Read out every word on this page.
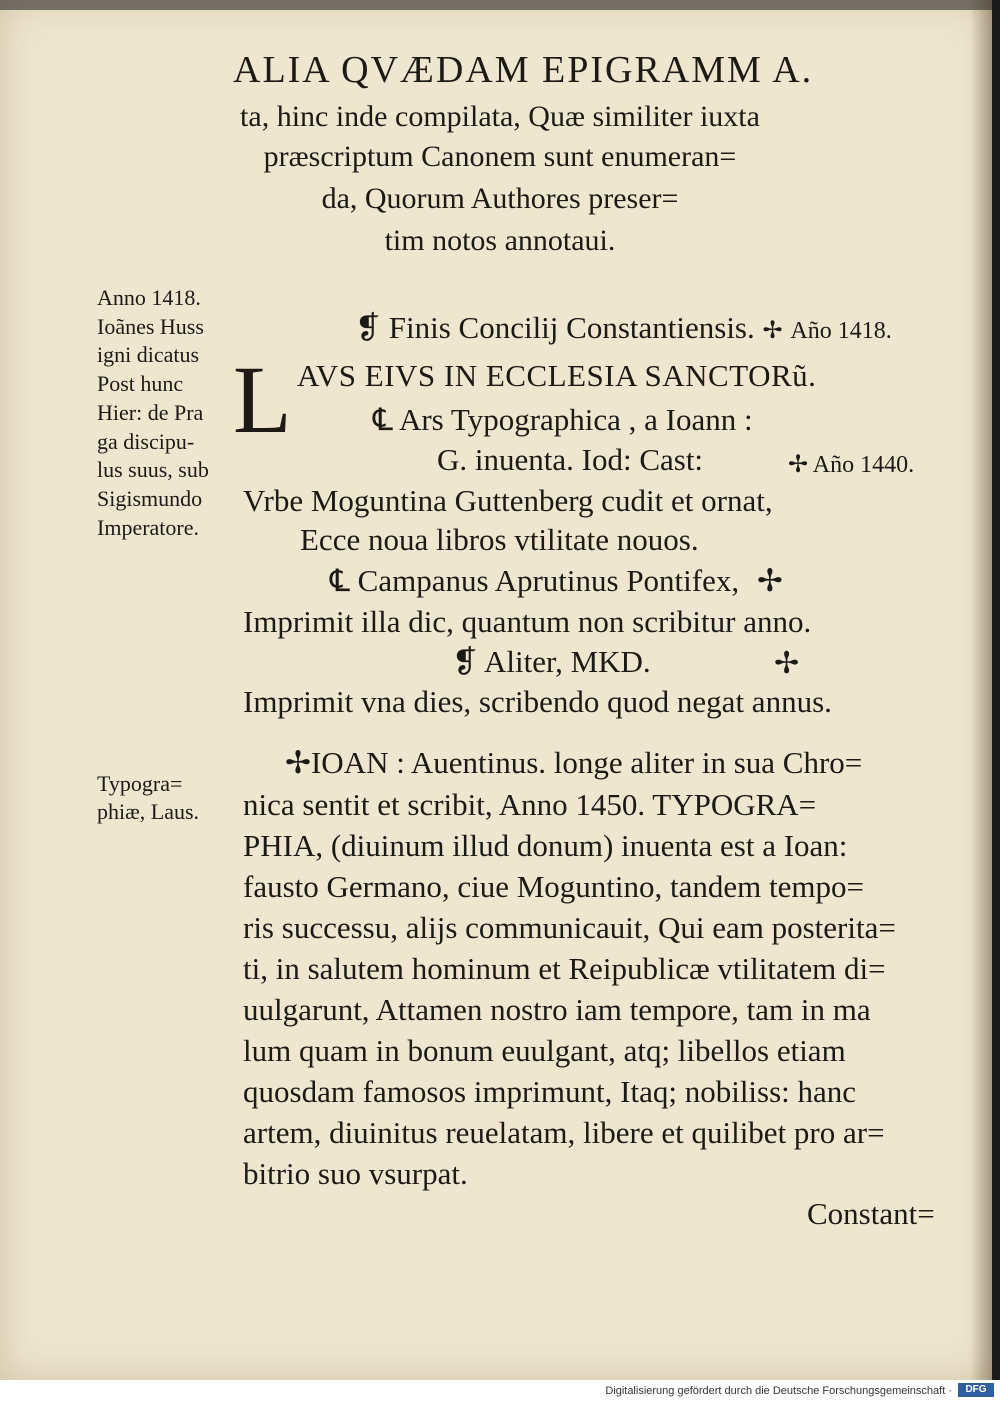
ALIA QVÆDAM EPIGRAMM A.
ta, hinc inde compilata, Quæ similiter iuxta
præscriptum Canonem sunt enumeran=
da, Quorum Authores preser=
tim notos annotaui.
Anno 1418.
Ioãnes Huss
igni dicatus
Post hunc
Hier: de Pra
ga discipu-
lus suus, sub
Sigismundo
Imperatore.
Typogra=
phiæ, Laus.
❡ Finis Concilij Constantiensis. ✢ Año 1418.
L AVS EIVS IN ECCLESIA SANCTORũ.
℄ Ars Typographica , a Ioann :
G. inuenta. Iod: Cast:	✢ Año 1440.
Vrbe Moguntina Guttenberg cudit et ornat,
Ecce noua libros vtilitate nouos.
℄ Campanus Aprutinus Pontifex, ✢
Imprimit illa dic, quantum non scribitur anno.
❡ Aliter, MKD.	✢
Imprimit vna dies, scribendo quod negat annus.
✢IOAN : Auentinus. longe aliter in sua Chro=
nica sentit et scribit, Anno 1450. TYPOGRA=
PHIA, (diuinum illud donum) inuenta est a Ioan:
fausto Germano, ciue Moguntino, tandem tempo=
ris successu, alijs communicauit, Qui eam posterita=
ti, in salutem hominum et Reipublicæ vtilitatem di=
uulgarunt, Attamen nostro iam tempore, tam in ma
lum quam in bonum euulgant, atq; libellos etiam
quosdam famosos imprimunt, Itaq; nobiliss: hanc
artem, diuinitus reuelatam, libere et quilibet pro ar=
bitrio suo vsurpat.
Constant=
Digitalisierung gefördert durch die Deutsche Forschungsgemeinschaft ·	DFG
